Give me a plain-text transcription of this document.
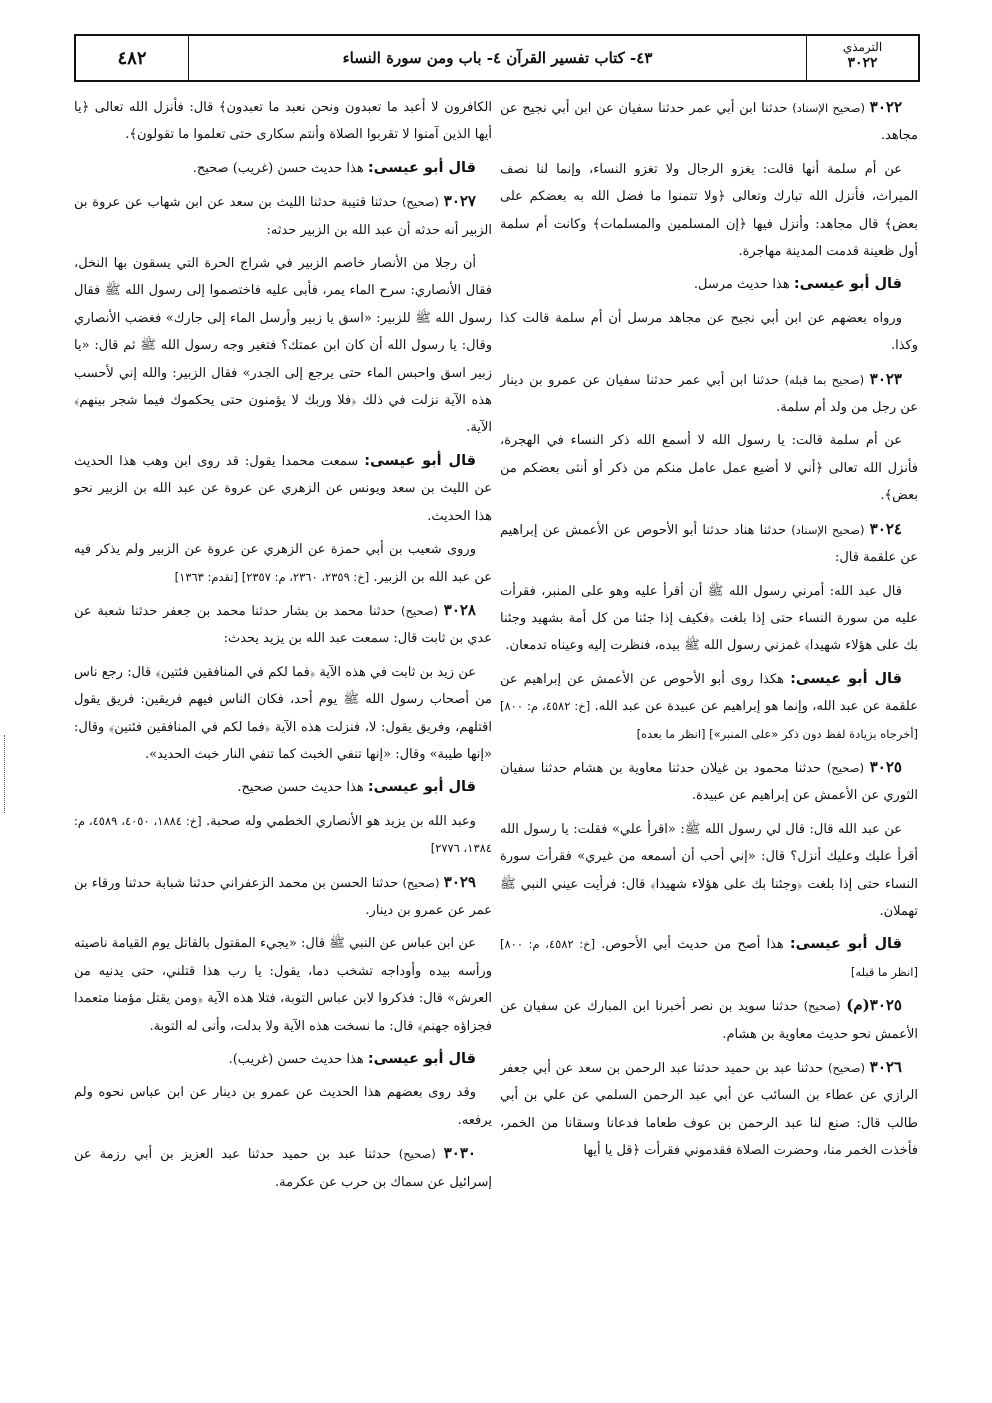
الترمذي
٣٠٢٢
٤٣- كتاب تفسير القرآن ٤- باب ومن سورة النساء
٤٨٢

٣٠٢٢ (صحيح الإسناد) حدثنا ابن أبي عمر حدثنا سفيان عن ابن أبي نجيح عن مجاهد.

عن أم سلمة أنها قالت: يغزو الرجال ولا تغزو النساء، وإنما لنا نصف الميراث، فأنزل الله تبارك وتعالى ﴿ولا تتمنوا ما فضل الله به بعضكم على بعض﴾ قال مجاهد: وأنزل فيها ﴿إن المسلمين والمسلمات﴾ وكانت أم سلمة أول ظعينة قدمت المدينة مهاجرة.

قال أبو عيسى: هذا حديث مرسل.

ورواه بعضهم عن ابن أبي نجيح عن مجاهد مرسل أن أم سلمة قالت كذا وكذا.

٣٠٢٣ (صحيح بما قبله) حدثنا ابن أبي عمر حدثنا سفيان عن عمرو بن دينار عن رجل من ولد أم سلمة.

عن أم سلمة قالت: يا رسول الله لا أسمع الله ذكر النساء في الهجرة، فأنزل الله تعالى ﴿أني لا أضيع عمل عامل منكم من ذكر أو أنثى بعضكم من بعض﴾.

٣٠٢٤ (صحيح الإسناد) حدثنا هناد حدثنا أبو الأحوص عن الأعمش عن إبراهيم عن علقمة قال:

قال عبد الله: أمرني رسول الله ﷺ أن أقرأ عليه وهو على المنبر، فقرأت عليه من سورة النساء حتى إذا بلغت ﴿فكيف إذا جئنا من كل أمة بشهيد وجئنا بك على هؤلاء شهيدا﴾ غمزني رسول الله ﷺ بيده، فنظرت إليه وعيناه تدمعان.

قال أبو عيسى: هكذا روى أبو الأحوص عن الأعمش عن إبراهيم عن علقمة عن عبد الله، وإنما هو إبراهيم عن عبيدة عن عبد الله. [خ: ٤٥٨٢، م: ٨٠٠] [أخرجاه بزيادة لفظ دون ذكر «على المنبر»] [انظر ما بعده]

٣٠٢٥ (صحيح) حدثنا محمود بن غيلان حدثنا معاوية بن هشام حدثنا سفيان الثوري عن الأعمش عن إبراهيم عن عبيدة.

عن عبد الله قال: قال لي رسول الله ﷺ: «اقرأ علي» فقلت: يا رسول الله أقرأ عليك وعليك أنزل؟ قال: «إني أحب أن أسمعه من غيري» فقرأت سورة النساء حتى إذا بلغت ﴿وجئنا بك على هؤلاء شهيدا﴾ قال: فرأيت عيني النبي ﷺ تهملان.

قال أبو عيسى: هذا أصح من حديث أبي الأحوص. [خ: ٤٥٨٢، م: ٨٠٠] [انظر ما قبله]

٣٠٢٥(م) (صحيح) حدثنا سويد بن نصر أخبرنا ابن المبارك عن سفيان عن الأعمش نحو حديث معاوية بن هشام.

٣٠٢٦ (صحيح) حدثنا عبد بن حميد حدثنا عبد الرحمن بن سعد عن أبي جعفر الرازي عن عطاء بن السائب عن أبي عبد الرحمن السلمي عن علي بن أبي طالب قال: صنع لنا عبد الرحمن بن عوف طعاما فدعانا وسقانا من الخمر، فأخذت الخمر منا، وحضرت الصلاة فقدموني فقرأت ﴿قل يا أيها

الكافرون لا أعبد ما تعبدون ونحن نعبد ما تعبدون﴾ قال: فأنزل الله تعالى ﴿يا أيها الذين آمنوا لا تقربوا الصلاة وأنتم سكارى حتى تعلموا ما تقولون﴾.

قال أبو عيسى: هذا حديث حسن (غريب) صحيح.

٣٠٢٧ (صحيح) حدثنا قتيبة حدثنا الليث بن سعد عن ابن شهاب عن عروة بن الزبير أنه حدثه أن عبد الله بن الزبير حدثه:

أن رجلا من الأنصار خاصم الزبير في شراج الحرة التي يسقون بها النخل، فقال الأنصاري: سرح الماء يمر، فأبى عليه فاختصموا إلى رسول الله ﷺ فقال رسول الله ﷺ للزبير: «اسق يا زبير وأرسل الماء إلى جارك» فغضب الأنصاري وقال: يا رسول الله أن كان ابن عمتك؟ فتغير وجه رسول الله ﷺ ثم قال: «يا زبير اسق واحبس الماء حتى يرجع إلى الجدر» فقال الزبير: والله إني لأحسب هذه الآية نزلت في ذلك ﴿فلا وربك لا يؤمنون حتى يحكموك فيما شجر بينهم﴾ الآية.

قال أبو عيسى: سمعت محمدا يقول: قد روى ابن وهب هذا الحديث عن الليث بن سعد ويونس عن الزهري عن عروة عن عبد الله بن الزبير نحو هذا الحديث.

وروى شعيب بن أبي حمزة عن الزهري عن عروة عن الزبير ولم يذكر فيه عن عبد الله بن الزبير. [خ: ٢٣٥٩، ٢٣٦٠، م: ٢٣٥٧] [تقدم: ١٣٦٣]

٣٠٢٨ (صحيح) حدثنا محمد بن بشار حدثنا محمد بن جعفر حدثنا شعبة عن عدي بن ثابت قال: سمعت عبد الله بن يزيد يحدث:

عن زيد بن ثابت في هذه الآية ﴿فما لكم في المنافقين فئتين﴾ قال: رجع ناس من أصحاب رسول الله ﷺ يوم أحد، فكان الناس فيهم فريقين: فريق يقول اقتلهم، وفريق يقول: لا، فنزلت هذه الآية ﴿فما لكم في المنافقين فئتين﴾ وقال: «إنها طيبة» وقال: «إنها تنفي الخبث كما تنفي النار خبث الحديد».

قال أبو عيسى: هذا حديث حسن صحيح.

وعبد الله بن يزيد هو الأنصاري الخطمي وله صحبة. [خ: ١٨٨٤، ٤٠٥٠، ٤٥٨٩، م: ١٣٨٤، ٢٧٧٦]

٣٠٢٩ (صحيح) حدثنا الحسن بن محمد الزعفراني حدثنا شبابة حدثنا ورقاء بن عمر عن عمرو بن دينار.

عن ابن عباس عن النبي ﷺ قال: «يجيء المقتول بالقاتل يوم القيامة ناصيته ورأسه بيده وأوداجه تشخب دما، يقول: يا رب هذا قتلني، حتى يدنيه من العرش» قال: فذكروا لابن عباس التوبة، فتلا هذه الآية ﴿ومن يقتل مؤمنا متعمدا فجزاؤه جهنم﴾ قال: ما نسخت هذه الآية ولا بدلت، وأنى له التوبة.

قال أبو عيسى: هذا حديث حسن (غريب).

وقد روى بعضهم هذا الحديث عن عمرو بن دينار عن ابن عباس نحوه ولم يرفعه.

٣٠٣٠ (صحيح) حدثنا عبد بن حميد حدثنا عبد العزيز بن أبي رزمة عن إسرائيل عن سماك بن حرب عن عكرمة.
